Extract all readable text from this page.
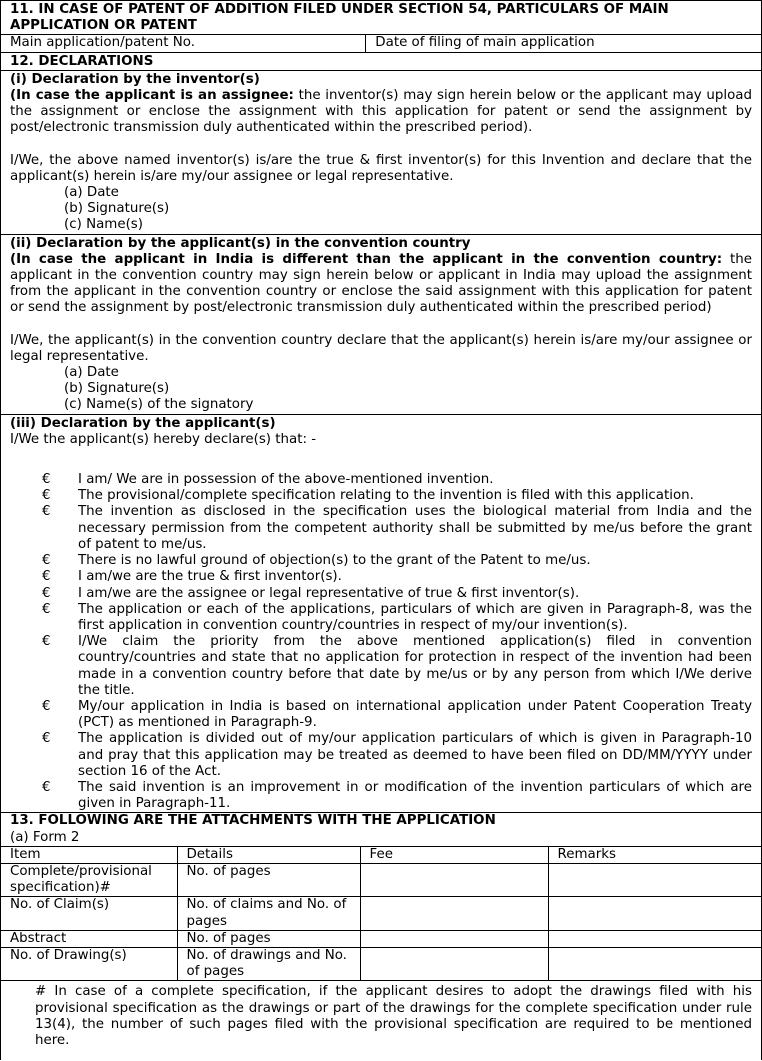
11. IN CASE OF PATENT OF ADDITION FILED UNDER SECTION 54, PARTICULARS OF MAIN APPLICATION OR PATENT
Main application/patent No.	Date of filing of main application
12. DECLARATIONS

(i) Declaration by the inventor(s)

(In case the applicant is an assignee: the inventor(s) may sign herein below or the applicant may upload the assignment or enclose the assignment with this application for patent or send the assignment by post/electronic transmission duly authenticated within the prescribed period).

I/We, the above named inventor(s) is/are the true & first inventor(s) for this Invention and declare that the applicant(s) herein is/are my/our assignee or legal representative.

(a) Date

(b) Signature(s)

(c) Name(s)

(ii) Declaration by the applicant(s) in the convention country

(In case the applicant in India is different than the applicant in the convention country: the applicant in the convention country may sign herein below or applicant in India may upload the assignment from the applicant in the convention country or enclose the said assignment with this application for patent or send the assignment by post/electronic transmission duly authenticated within the prescribed period)

I/We, the applicant(s) in the convention country declare that the applicant(s) herein is/are my/our assignee or legal representative.

(a) Date

(b) Signature(s)

(c) Name(s) of the signatory

(iii) Declaration by the applicant(s)

I/We the applicant(s) hereby declare(s) that: -

€ I am/ We are in possession of the above-mentioned invention.
€ The provisional/complete specification relating to the invention is filed with this application.
€ The invention as disclosed in the specification uses the biological material from India and the necessary permission from the competent authority shall be submitted by me/us before the grant of patent to me/us.
€ There is no lawful ground of objection(s) to the grant of the Patent to me/us.
€ I am/we are the true & first inventor(s).
€ I am/we are the assignee or legal representative of true & first inventor(s).
€ The application or each of the applications, particulars of which are given in Paragraph-8, was the first application in convention country/countries in respect of my/our invention(s).
€ I/We claim the priority from the above mentioned application(s) filed in convention country/countries and state that no application for protection in respect of the invention had been made in a convention country before that date by me/us or by any person from which I/We derive the title.
€ My/our application in India is based on international application under Patent Cooperation Treaty (PCT) as mentioned in Paragraph-9.
€ The application is divided out of my/our application particulars of which is given in Paragraph-10 and pray that this application may be treated as deemed to have been filed on DD/MM/YYYY under section 16 of the Act.
€ The said invention is an improvement in or modification of the invention particulars of which are given in Paragraph-11.

13. FOLLOWING ARE THE ATTACHMENTS WITH THE APPLICATION

(a) Form 2

Item	Details	Fee	Remarks
Complete/provisional specification)#	No. of pages		
No. of Claim(s)	No. of claims and No. of pages		
Abstract	No. of pages		
No. of Drawing(s)	No. of drawings and No. of pages		
# In case of a complete specification, if the applicant desires to adopt the drawings filed with his provisional specification as the drawings or part of the drawings for the complete specification under rule 13(4), the number of such pages filed with the provisional specification are required to be mentioned here.
